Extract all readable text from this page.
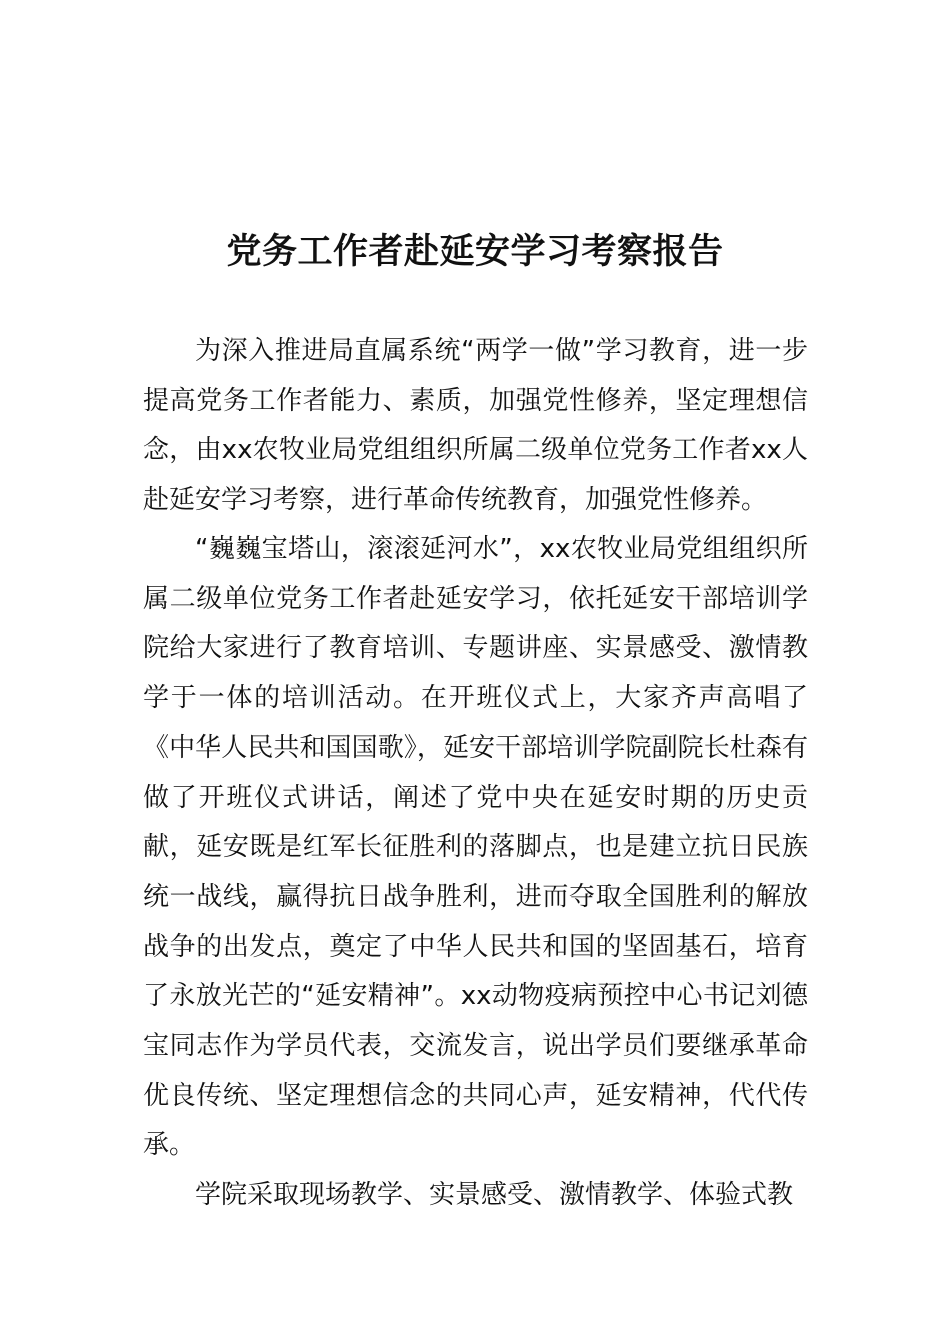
党务工作者赴延安学习考察报告

为深入推进局直属系统“两学一做”学习教育，进一步提高党务工作者能力、素质，加强党性修养，坚定理想信念，由xx农牧业局党组组织所属二级单位党务工作者xx人赴延安学习考察，进行革命传统教育，加强党性修养。

“巍巍宝塔山，滚滚延河水”，xx农牧业局党组组织所属二级单位党务工作者赴延安学习，依托延安干部培训学院给大家进行了教育培训、专题讲座、实景感受、激情教学于一体的培训活动。在开班仪式上，大家齐声高唱了《中华人民共和国国歌》，延安干部培训学院副院长杜森有做了开班仪式讲话，阐述了党中央在延安时期的历史贡献，延安既是红军长征胜利的落脚点，也是建立抗日民族统一战线，赢得抗日战争胜利，进而夺取全国胜利的解放战争的出发点，奠定了中华人民共和国的坚固基石，培育了永放光芒的“延安精神”。xx动物疫病预控中心书记刘德宝同志作为学员代表，交流发言，说出学员们要继承革命优良传统、坚定理想信念的共同心声，延安精神，代代传承。

学院采取现场教学、实景感受、激情教学、体验式教
